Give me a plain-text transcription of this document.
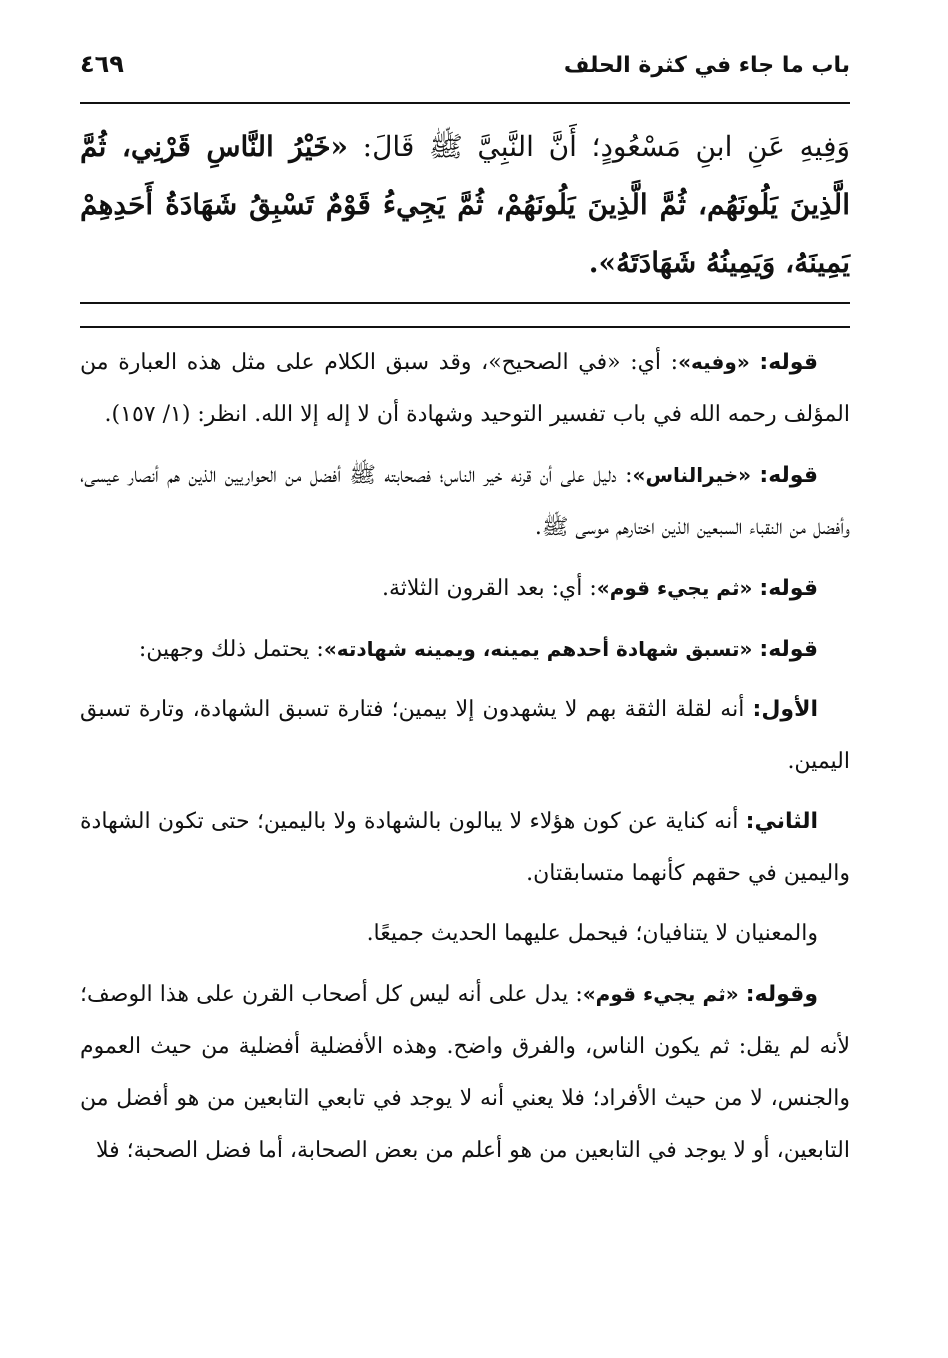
باب ما جاء في كثرة الحلف
٤٦٩
وَفِيهِ عَنِ ابنِ مَسْعُودٍ؛ أَنَّ النَّبِيَّ ﷺ قَالَ: «خَيْرُ النَّاسِ قَرْنِي، ثُمَّ الَّذِينَ يَلُونَهُم، ثُمَّ الَّذِينَ يَلُونَهُمْ، ثُمَّ يَجِيءُ قَوْمٌ تَسْبِقُ شَهَادَةُ أَحَدِهِمْ يَمِينَهُ، وَيَمِينُهُ شَهَادَتَهُ».

قوله: «وفيه»: أي: «في الصحيح»، وقد سبق الكلام على مثل هذه العبارة من المؤلف رحمه الله في باب تفسير التوحيد وشهادة أن لا إله إلا الله. انظر: (١/ ١٥٧).

قوله: «خيرالناس»: دليل على أن قرنه خير الناس؛ فصحابته ﷺ أفضل من الحواريين الذين هم أنصار عيسى، وأفضل من النقباء السبعين الذين اختارهم موسى ﷺ.

قوله: «ثم يجيء قوم»: أي: بعد القرون الثلاثة.

قوله: «تسبق شهادة أحدهم يمينه، ويمينه شهادته»: يحتمل ذلك وجهين:

الأول: أنه لقلة الثقة بهم لا يشهدون إلا بيمين؛ فتارة تسبق الشهادة، وتارة تسبق اليمين.

الثاني: أنه كناية عن كون هؤلاء لا يبالون بالشهادة ولا باليمين؛ حتى تكون الشهادة واليمين في حقهم كأنهما متسابقتان.

والمعنيان لا يتنافيان؛ فيحمل عليهما الحديث جميعًا.

وقوله: «ثم يجيء قوم»: يدل على أنه ليس كل أصحاب القرن على هذا الوصف؛ لأنه لم يقل: ثم يكون الناس، والفرق واضح. وهذه الأفضلية أفضلية من حيث العموم والجنس، لا من حيث الأفراد؛ فلا يعني أنه لا يوجد في تابعي التابعين من هو أفضل من التابعين، أو لا يوجد في التابعين من هو أعلم من بعض الصحابة، أما فضل الصحبة؛ فلا
